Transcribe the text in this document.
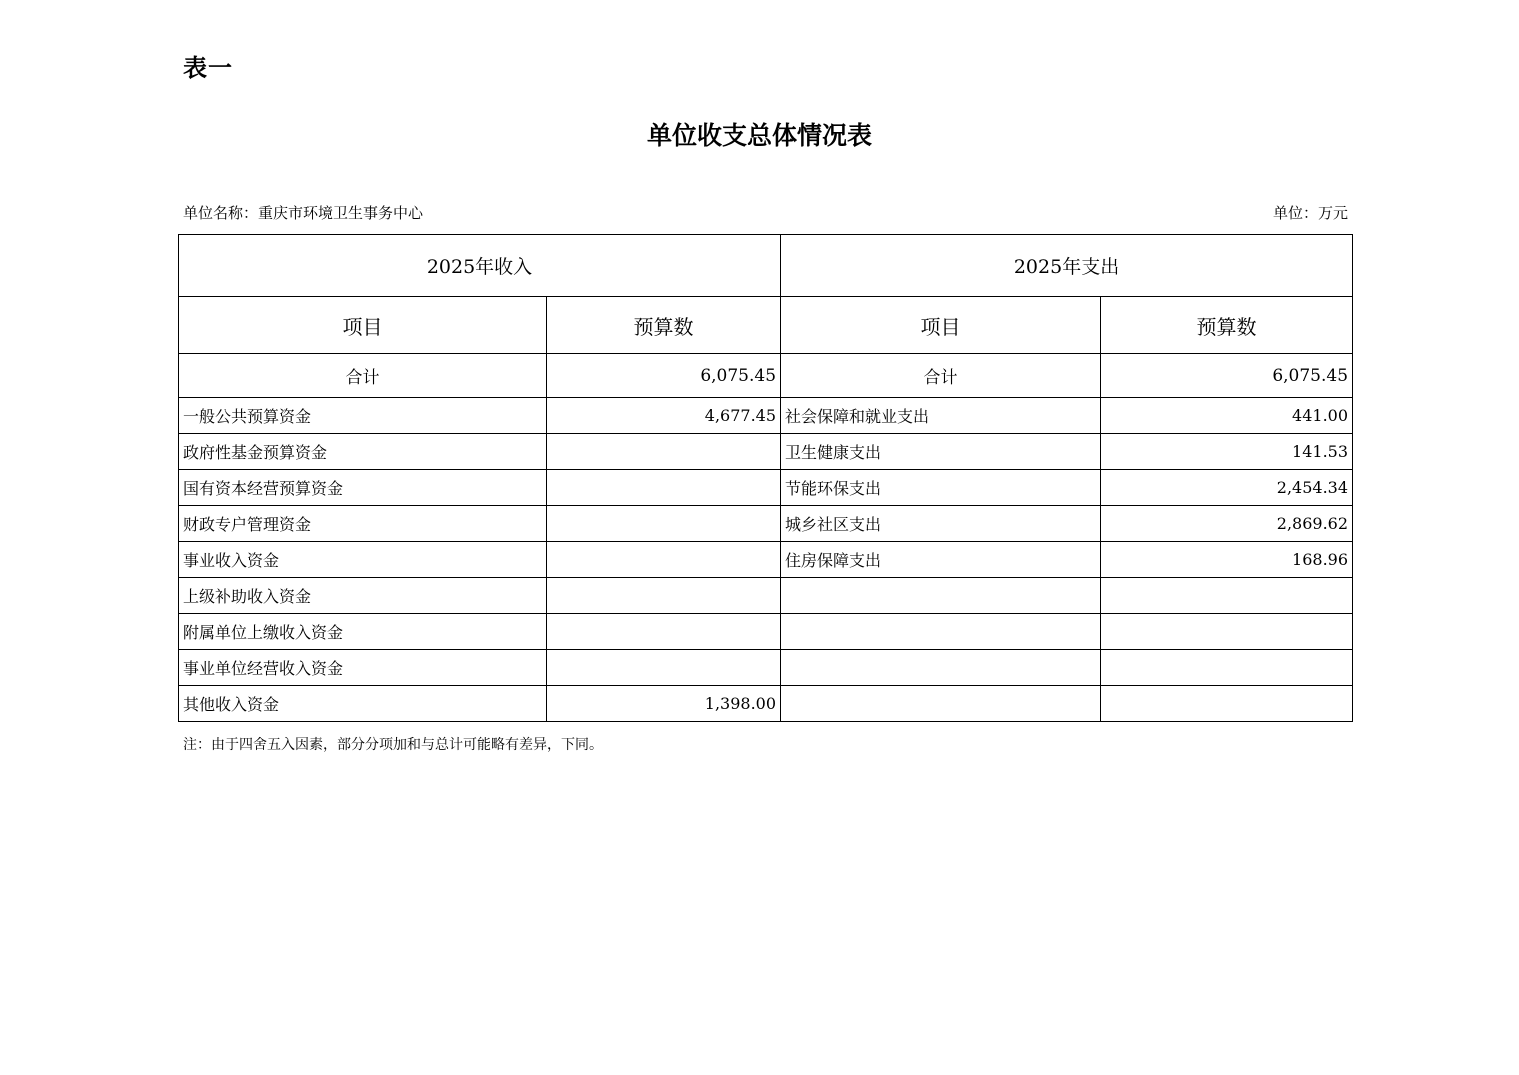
表一
单位收支总体情况表
单位名称：重庆市环境卫生事务中心	单位：万元
2025年收入		2025年支出	
项目	预算数	项目	预算数
合计	6,075.45	合计	6,075.45
一般公共预算资金	4,677.45	社会保障和就业支出	441.00
政府性基金预算资金		卫生健康支出	141.53
国有资本经营预算资金		节能环保支出	2,454.34
财政专户管理资金		城乡社区支出	2,869.62
事业收入资金		住房保障支出	168.96
上级补助收入资金			
附属单位上缴收入资金			
事业单位经营收入资金			
其他收入资金	1,398.00		
注：由于四舍五入因素，部分分项加和与总计可能略有差异，下同。
